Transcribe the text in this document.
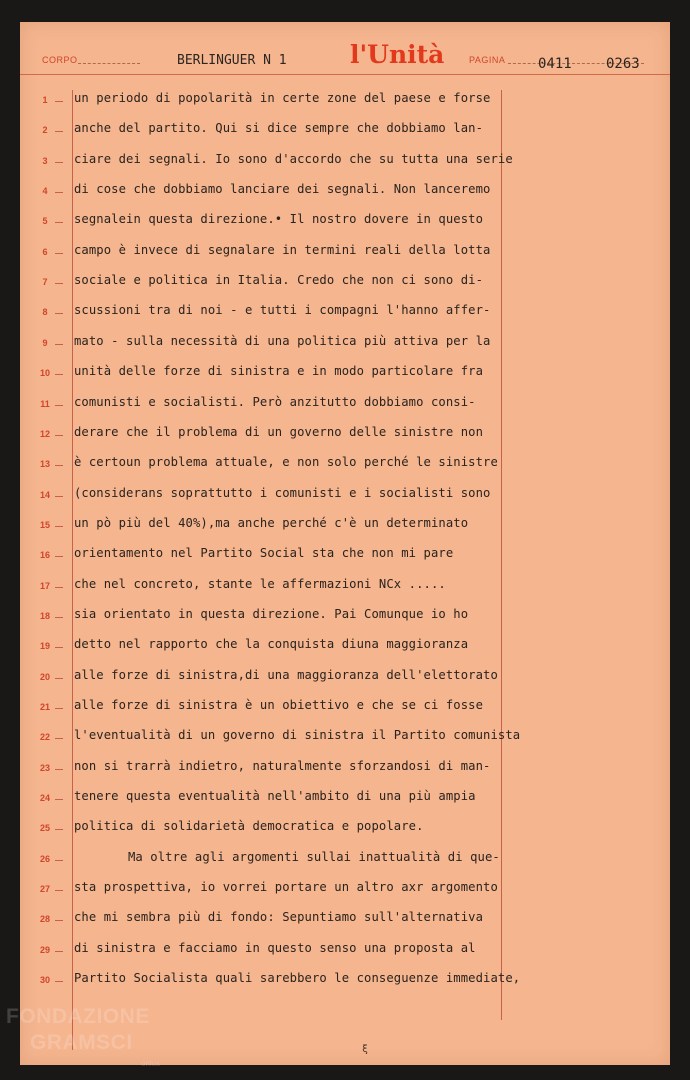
CORPO	BERLINGUER N 1	l'Unità	PAGINA 0411 0263
1	un periodo di popolarità in certe zone del paese e forse
2	anche del partito. Qui si dice sempre che dobbiamo lan-
3	ciare dei segnali. Io sono d'accordo che su tutta una serie
4	di cose che dobbiamo lanciare dei segnali. Non lanceremo
5	segnalein questa direzione.• Il nostro dovere in questo
6	campo è invece di segnalare in termini reali della lotta
7	sociale e politica in Italia. Credo che non ci sono di-
8	scussioni tra di noi - e tutti i compagni l'hanno affer-
9	mato - sulla necessità di una politica più attiva per la
10 unità delle forze di sinistra e in modo particolare fra
11 comunisti e socialisti. Però anzitutto dobbiamo consi-
12 derare che il problema di un governo delle sinistre non
13 è certoun problema attuale, e non solo perché le sinistre
14 (considerans soprattutto i comunisti e i socialisti sono
15 un pò più del 40%),ma anche perché c'è un determinato
16 orientamento nel Partito Social sta che non mi pare
17 che nel concreto, stante le affermazioni NCx .....
18 sia orientato in questa direzione. Pai Comunque io ho
19 detto nel rapporto che la conquista diuna maggioranza
20 alle forze di sinistra,di una maggioranza dell'elettorato
21 alle forze di sinistra è un obiettivo e che se ci fosse
22 l'eventualità di un governo di sinistra il Partito comunista
23 non si trarrà indietro, naturalmente sforzandosi di man-
24 tenere questa eventualità nell'ambito di una più ampia
25 politica di solidarietà democratica e popolare.
26	Ma oltre agli argomenti sullai inattualità di que-
27 sta prospettiva, io vorrei portare un altro axr argomento
28 che mi sembra più di fondo: Sepuntiamo sull'alternativa
29 di sinistra e facciamo in questo senso una proposta al
30 Partito Socialista quali sarebbero le conseguenze immediate,
ξ
FONDAZIONE
GRAMSCI
onlus
